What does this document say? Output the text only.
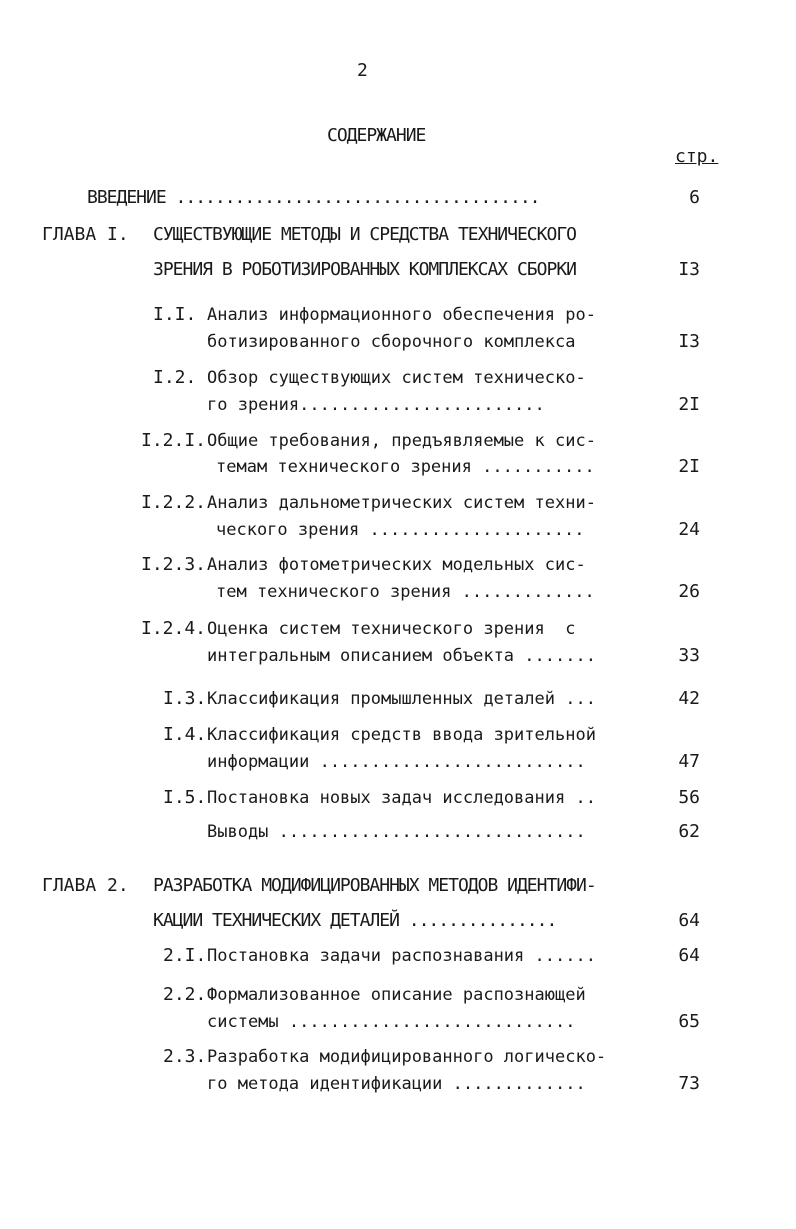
2
СОДЕРЖАНИЕ
стр.
ВВЕДЕНИЕ .....................................	6
ГЛАВА I. СУЩЕСТВУЮЩИЕ МЕТОДЫ И СРЕДСТВА ТЕХНИЧЕСКОГО
ЗРЕНИЯ В РОБОТИЗИРОВАННЫХ КОМПЛЕКСАХ СБОРКИ	I3
I.I. Анализ информационного обеспечения ро-
ботизированного сборочного комплекса	I3
I.2. Обзор существующих систем техническо-
го зрения........................	2I
I.2.I. Общие требования, предъявляемые к сис-
темам технического зрения ...........	2I
I.2.2. Анализ дальнометрических систем техни-
ческого зрения .....................	24
I.2.3. Анализ фотометрических модельных сис-
тем технического зрения .............	26
I.2.4. Оценка систем технического зрения  с
интегральным описанием объекта .......	33
I.3. Классификация промышленных деталей ...	42
I.4. Классификация средств ввода зрительной
информации ..........................	47
I.5. Постановка новых задач исследования ..	56
Выводы ..............................	62
ГЛАВА 2. РАЗРАБОТКА МОДИФИЦИРОВАННЫХ МЕТОДОВ ИДЕНТИФИ-
КАЦИИ ТЕХНИЧЕСКИХ ДЕТАЛЕЙ ...............	64
2.I. Постановка задачи распознавания ......	64
2.2. Формализованное описание распознающей
системы ............................	65
2.3. Разработка модифицированного логическо-
го метода идентификации .............	73
